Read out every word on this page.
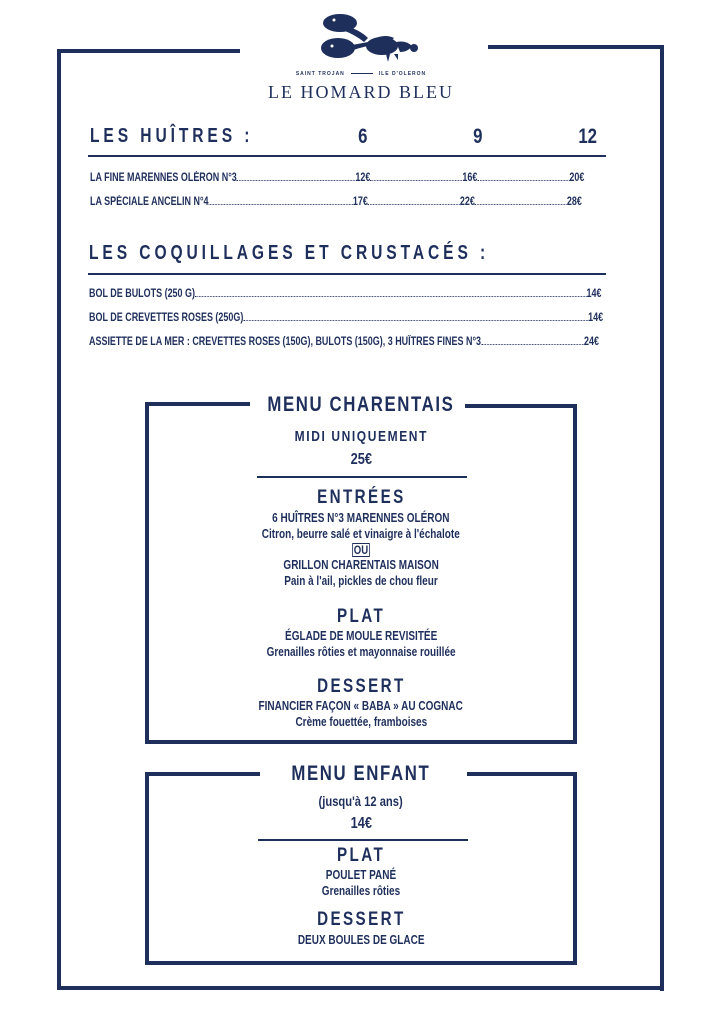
SAINT TROJAN	ILE D'OLERON
LE HOMARD BLEU
LES HUÎTRES :	6	9	12
LA FINE MARENNES OLÉRON N°3	12€	16€	20€
LA SPÉCIALE ANCELIN N°4	17€	22€	28€
LES COQUILLAGES ET CRUSTACÉS :
BOL DE BULOTS (250 G)	14€
BOL DE CREVETTES ROSES (250G)	14€
ASSIETTE DE LA MER : CREVETTES ROSES (150G), BULOTS (150G), 3 HUÎTRES FINES N°3	24€
MENU CHARENTAIS
MIDI UNIQUEMENT
25€
ENTRÉES
6 HUÎTRES N°3 MARENNES OLÉRON
Citron, beurre salé et vinaigre à l'échalote
OU
GRILLON CHARENTAIS MAISON
Pain à l'ail, pickles de chou fleur
PLAT
ÉGLADE DE MOULE REVISITÉE
Grenailles rôties et mayonnaise rouillée
DESSERT
FINANCIER FAÇON « BABA » AU COGNAC
Crème fouettée, framboises
MENU ENFANT
(jusqu'à 12 ans)
14€
PLAT
POULET PANÉ
Grenailles rôties
DESSERT
DEUX BOULES DE GLACE
